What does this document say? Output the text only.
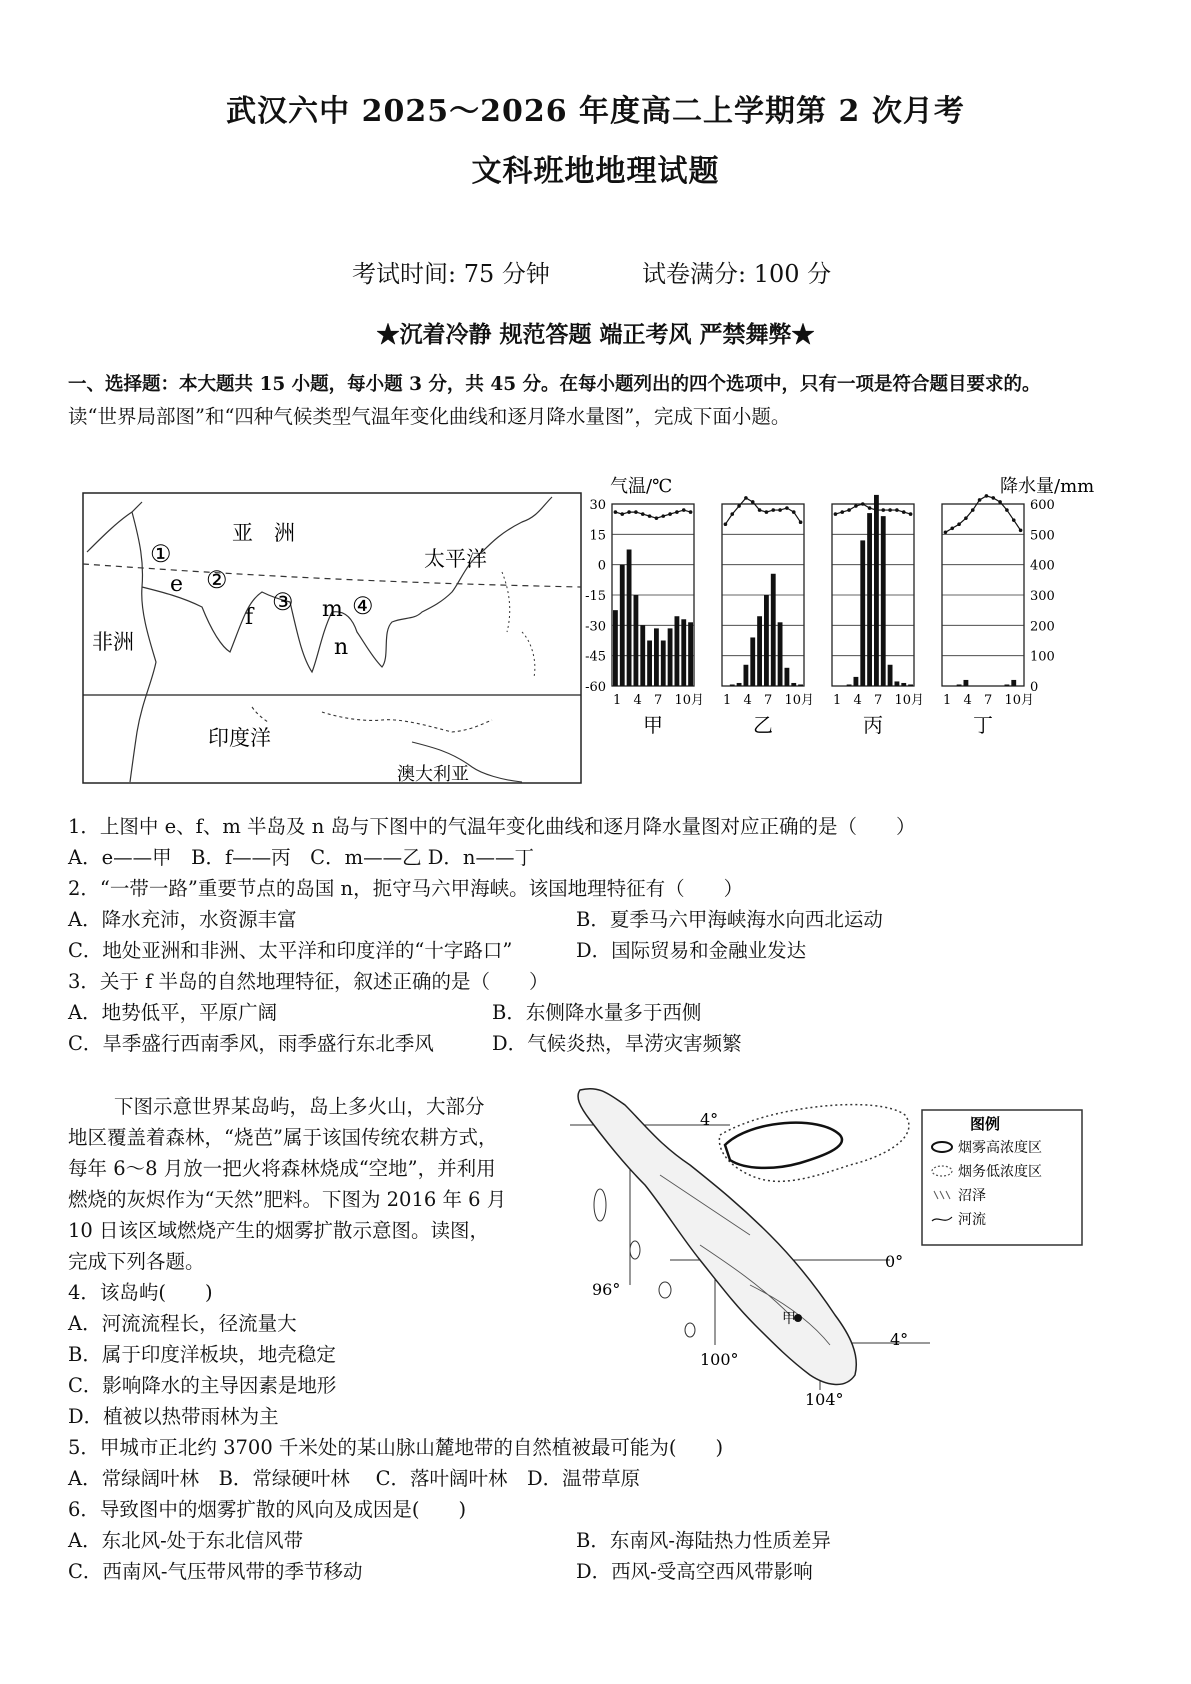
武汉六中 2025～2026 年度高二上学期第 2 次月考
文科班地地理试题
考试时间: 75 分钟	试卷满分: 100 分
★沉着冷静 规范答题 端正考风 严禁舞弊★
一、选择题：本大题共 15 小题，每小题 3 分，共 45 分。在每小题列出的四个选项中，只有一项是符合题目要求的。
读“世界局部图”和“四种气候类型气温年变化曲线和逐月降水量图”，完成下面小题。
亚　洲
太平洋
非洲
印度洋
澳大利亚
①
②
③ ④
e
f	m
n
气温/℃	降水量/mm
30
15
0
-15
-30
-45
-60
600
500
400
300
200
100
0
1 4 7 10月
甲
1 4 7 10月
乙
1 4 7 10月
丙
1 4 7 10月
丁
1．上图中 e、f、m 半岛及 n 岛与下图中的气温年变化曲线和逐月降水量图对应正确的是（　　）
A．e——甲　B．f——丙　C．m——乙 D．n——丁
2．“一带一路”重要节点的岛国 n，扼守马六甲海峡。该国地理特征有（　　）
A．降水充沛，水资源丰富	B．夏季马六甲海峡海水向西北运动
C．地处亚洲和非洲、太平洋和印度洋的“十字路口”	D．国际贸易和金融业发达
3．关于 f 半岛的自然地理特征，叙述正确的是（　　）
A．地势低平，平原广阔	B．东侧降水量多于西侧
C．旱季盛行西南季风，雨季盛行东北季风	D．气候炎热，旱涝灾害频繁
下图示意世界某岛屿，岛上多火山，大部分
地区覆盖着森林，“烧芭”属于该国传统农耕方式，
每年 6～8 月放一把火将森林烧成“空地”，并利用
燃烧的灰烬作为“天然”肥料。下图为 2016 年 6 月
10 日该区域燃烧产生的烟雾扩散示意图。读图，
完成下列各题。
4．该岛屿(　　)
A．河流流程长，径流量大
B．属于印度洋板块，地壳稳定
C．影响降水的主导因素是地形
D．植被以热带雨林为主
5．甲城市正北约 3700 千米处的某山脉山麓地带的自然植被最可能为(　　)
A．常绿阔叶林　B．常绿硬叶林　 C．落叶阔叶林　D．温带草原
6．导致图中的烟雾扩散的风向及成因是(　　)
A．东北风-处于东北信风带	B．东南风-海陆热力性质差异
C．西南风-气压带风带的季节移动	D．西风-受高空西风带影响
4°
0°
4°
96°
100°
104°
甲
图例
烟雾高浓度区
烟务低浓度区
沼泽
河流
